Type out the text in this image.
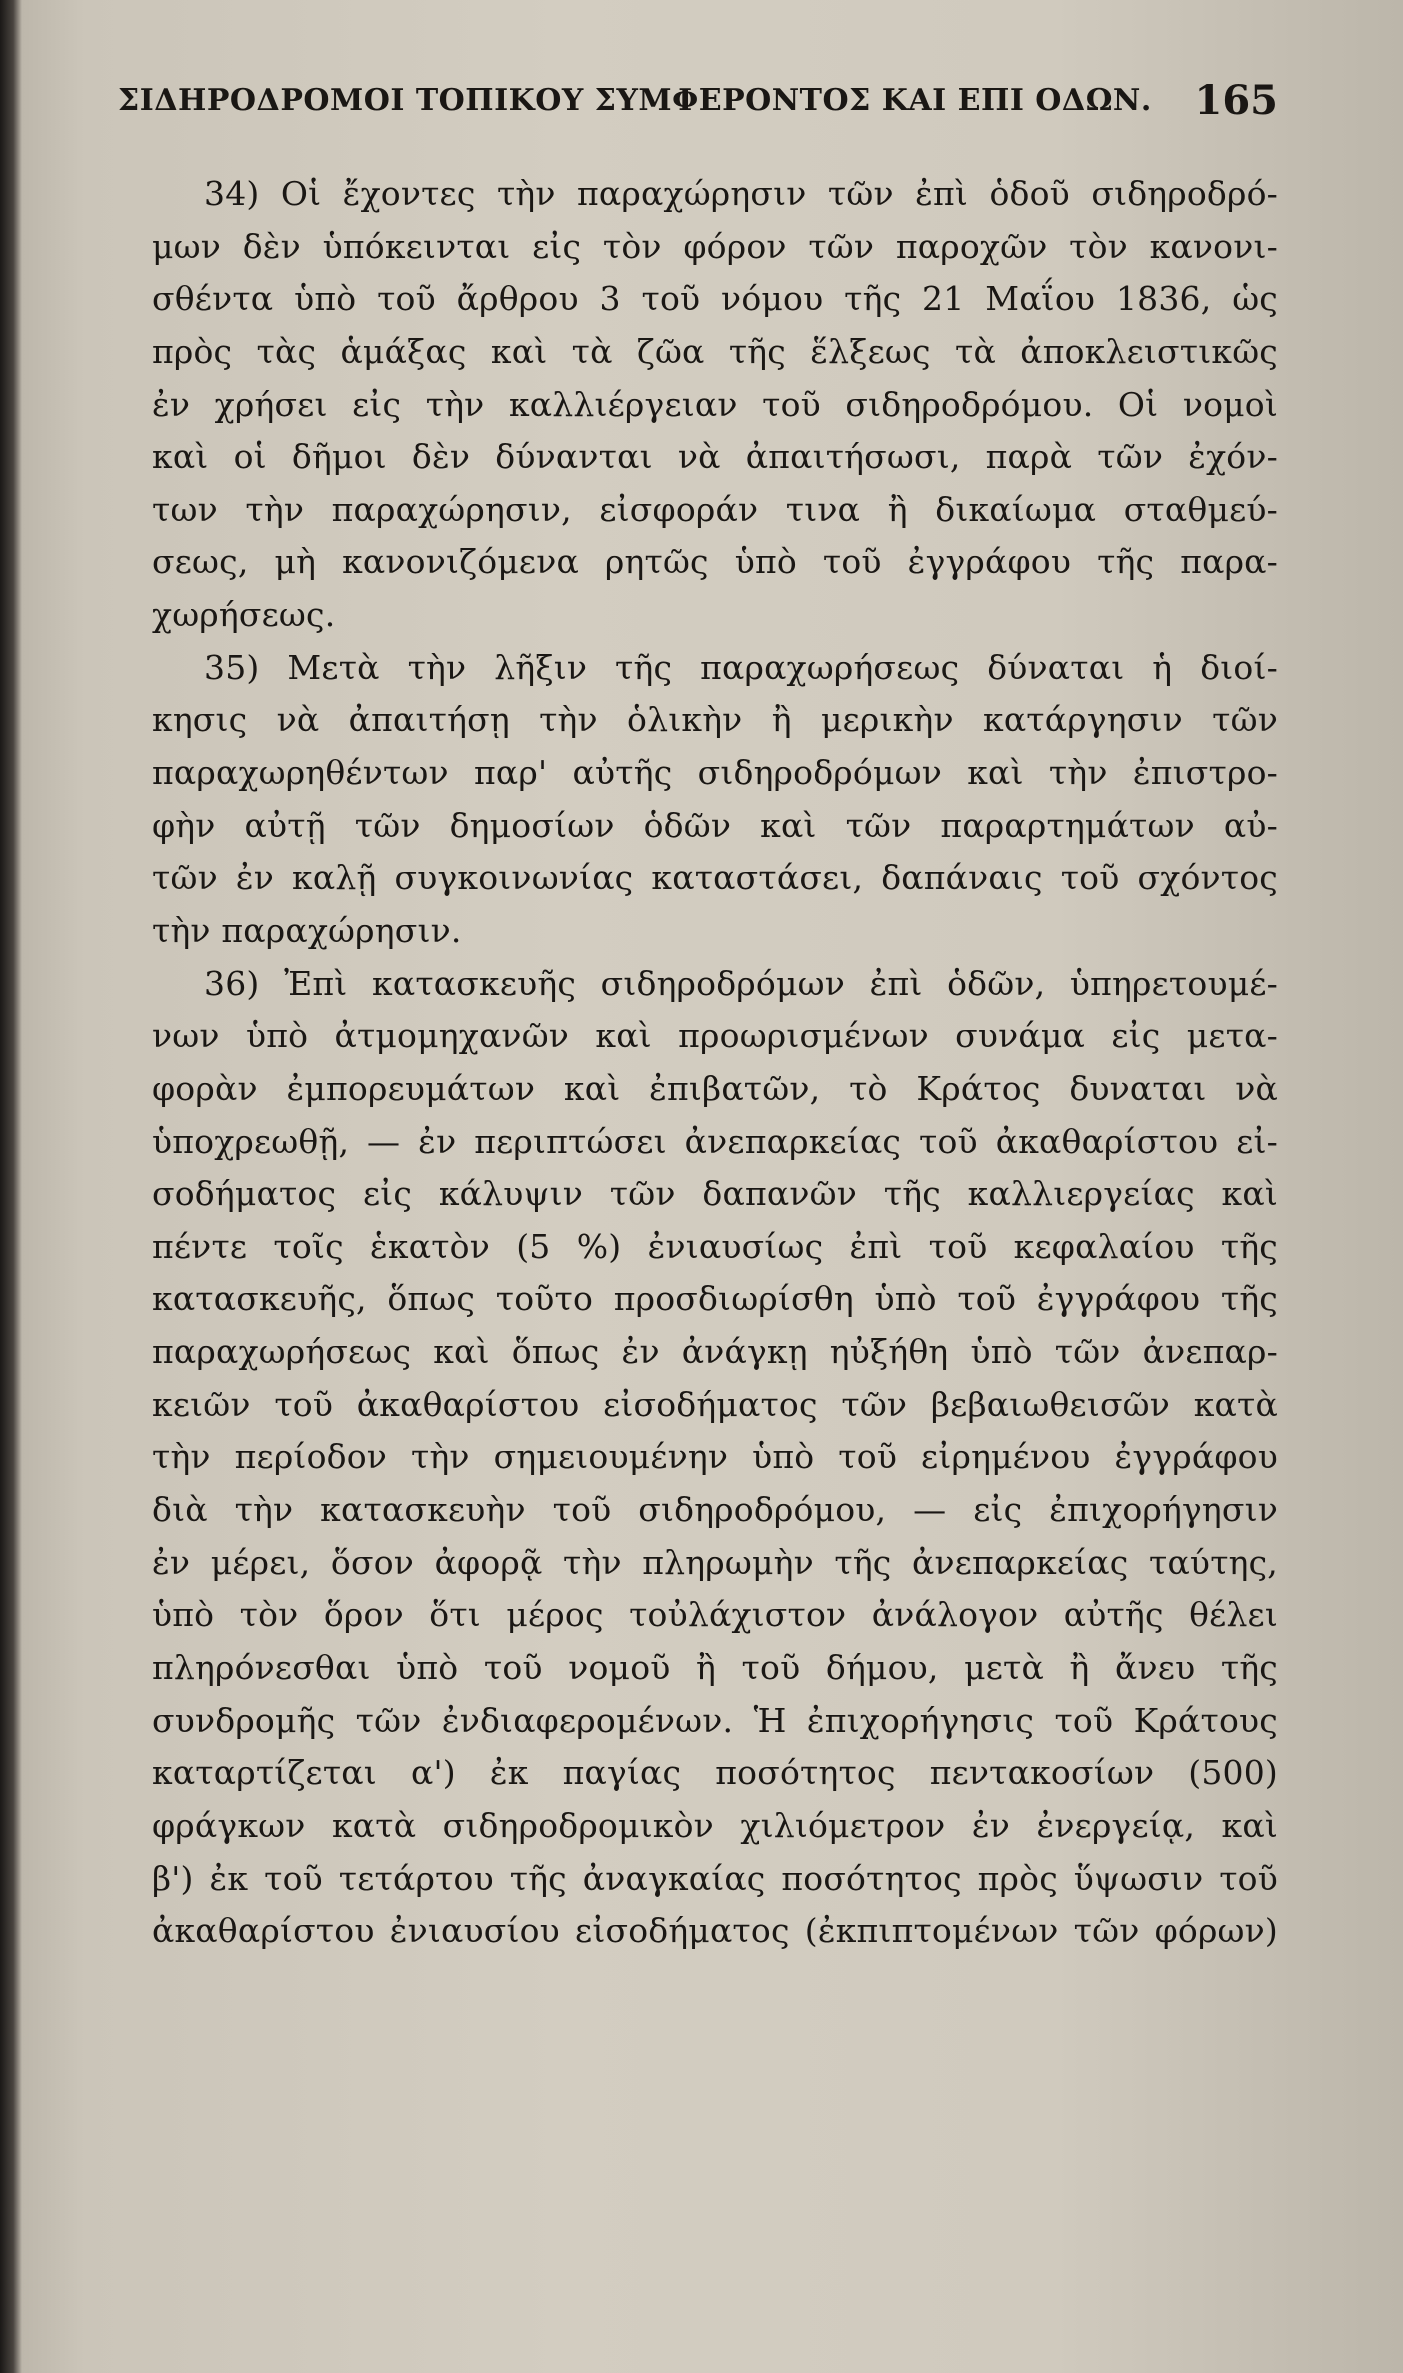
ΣΙΔΗΡΟΔΡΟΜΟΙ ΤΟΠΙΚΟΥ ΣΥΜΦΕΡΟΝΤΟΣ ΚΑΙ ΕΠΙ ΟΔΩΝ. 165
34) Οἱ ἔχοντες τὴν παραχώρησιν τῶν ἐπὶ ὁδοῦ σιδηροδρό-
μων δὲν ὑπόκεινται εἰς τὸν φόρον τῶν παροχῶν τὸν κανονι-
σθέντα ὑπὸ τοῦ ἄρθρου 3 τοῦ νόμου τῆς 21 Μαΐου 1836, ὡς
πρὸς τὰς ἁμάξας καὶ τὰ ζῶα τῆς ἕλξεως τὰ ἀποκλειστικῶς
ἐν χρήσει εἰς τὴν καλλιέργειαν τοῦ σιδηροδρόμου. Οἱ νομοὶ
καὶ οἱ δῆμοι δὲν δύνανται νὰ ἀπαιτήσωσι, παρὰ τῶν ἐχόν-
των τὴν παραχώρησιν, εἰσφοράν τινα ἢ δικαίωμα σταθμεύ-
σεως, μὴ κανονιζόμενα ρητῶς ὑπὸ τοῦ ἐγγράφου τῆς παρα-
χωρήσεως.
35) Μετὰ τὴν λῆξιν τῆς παραχωρήσεως δύναται ἡ διοί-
κησις νὰ ἀπαιτήσῃ τὴν ὁλικὴν ἢ μερικὴν κατάργησιν τῶν
παραχωρηθέντων παρ' αὐτῆς σιδηροδρόμων καὶ τὴν ἐπιστρο-
φὴν αὐτῇ τῶν δημοσίων ὁδῶν καὶ τῶν παραρτημάτων αὐ-
τῶν ἐν καλῇ συγκοινωνίας καταστάσει, δαπάναις τοῦ σχόντος
τὴν παραχώρησιν.
36) Ἐπὶ κατασκευῆς σιδηροδρόμων ἐπὶ ὁδῶν, ὑπηρετουμέ-
νων ὑπὸ ἀτμομηχανῶν καὶ προωρισμένων συνάμα εἰς μετα-
φορὰν ἐμπορευμάτων καὶ ἐπιβατῶν, τὸ Κράτος δυναται νὰ
ὑποχρεωθῇ, — ἐν περιπτώσει ἀνεπαρκείας τοῦ ἀκαθαρίστου εἰ-
σοδήματος εἰς κάλυψιν τῶν δαπανῶν τῆς καλλιεργείας καὶ
πέντε τοῖς ἑκατὸν (5 %) ἐνιαυσίως ἐπὶ τοῦ κεφαλαίου τῆς
κατασκευῆς, ὅπως τοῦτο προσδιωρίσθη ὑπὸ τοῦ ἐγγράφου τῆς
παραχωρήσεως καὶ ὅπως ἐν ἀνάγκῃ ηὐξήθη ὑπὸ τῶν ἀνεπαρ-
κειῶν τοῦ ἀκαθαρίστου εἰσοδήματος τῶν βεβαιωθεισῶν κατὰ
τὴν περίοδον τὴν σημειουμένην ὑπὸ τοῦ εἰρημένου ἐγγράφου
διὰ τὴν κατασκευὴν τοῦ σιδηροδρόμου, — εἰς ἐπιχορήγησιν
ἐν μέρει, ὅσον ἀφορᾷ τὴν πληρωμὴν τῆς ἀνεπαρκείας ταύτης,
ὑπὸ τὸν ὅρον ὅτι μέρος τοὐλάχιστον ἀνάλογον αὐτῆς θέλει
πληρόνεσθαι ὑπὸ τοῦ νομοῦ ἢ τοῦ δήμου, μετὰ ἢ ἄνευ τῆς
συνδρομῆς τῶν ἐνδιαφερομένων. Ἡ ἐπιχορήγησις τοῦ Κράτους
καταρτίζεται α') ἐκ παγίας ποσότητος πεντακοσίων (500)
φράγκων κατὰ σιδηροδρομικὸν χιλιόμετρον ἐν ἐνεργείᾳ, καὶ
β') ἐκ τοῦ τετάρτου τῆς ἀναγκαίας ποσότητος πρὸς ὕψωσιν τοῦ
ἀκαθαρίστου ἐνιαυσίου εἰσοδήματος (ἐκπιπτομένων τῶν φόρων)
